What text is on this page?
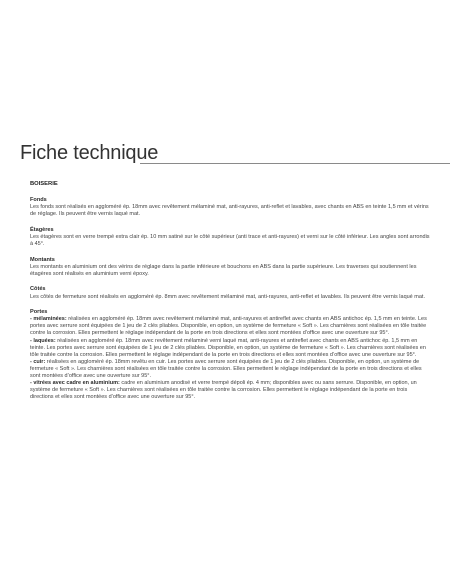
Fiche technique

BOISERIE

Fonds

Les fonds sont réalisés en aggloméré ép. 18mm avec revêtement mélaminé mat, anti-rayures, anti-reflet et lavables, avec chants en ABS en teinte 1,5 mm et vérins de réglage. Ils peuvent être vernis laqué mat.

Étagères

Les étagères sont en verre trempé extra clair ép. 10 mm satiné sur le côté supérieur (anti trace et anti-rayures) et verni sur le côté inférieur. Les angles sont arrondis à 45°.

Montants

Les montants en aluminium ont des vérins de réglage dans la partie inférieure et bouchons en ABS dans la partie supérieure. Les traverses qui soutiennent les étagères sont réalisés en aluminium verni époxy.

Côtés

Les côtés de fermeture sont réalisés en aggloméré ép. 8mm avec revêtement mélaminé mat, anti-rayures, anti-reflet et lavables. Ils peuvent être vernis laqué mat.

Portes

- mélaminées: réalisées en aggloméré ép. 18mm avec revêtement mélaminé mat, anti-rayures et antireflet avec chants en ABS antichoc ép. 1,5 mm en teinte. Les portes avec serrure sont équipées de 1 jeu de 2 clés pliables. Disponible, en option, un système de fermeture « Soft ». Les charnières sont réalisées en tôle traitée contre la corrosion. Elles permettent le réglage indépendant de la porte en trois directions et elles sont montées d’office avec une ouverture sur 95°.

- laquées: réalisées en aggloméré ép. 18mm avec revêtement mélaminé verni laqué mat, anti-rayures et antireflet avec chants en ABS antichoc ép. 1,5 mm en teinte. Les portes avec serrure sont équipées de 1 jeu de 2 clés pliables. Disponible, en option, un système de fermeture « Soft ». Les charnières sont réalisées en tôle traitée contre la corrosion. Elles permettent le réglage indépendant de la porte en trois directions et elles sont montées d’office avec une ouverture sur 95°.

- cuir: réalisées en aggloméré ép. 18mm revêtu en cuir. Les portes avec serrure sont équipées de 1 jeu de 2 clés pliables. Disponible, en option, un système de fermeture « Soft ». Les charnières sont réalisées en tôle traitée contre la corrosion. Elles permettent le réglage indépendant de la porte en trois directions et elles sont montées d’office avec une ouverture sur 95°.

- vitrées avec cadre en aluminium: cadre en aluminium anodisé et verre trempé dépoli ép. 4 mm; disponibles avec ou sans serrure. Disponible, en option, un système de fermeture « Soft ». Les charnières sont réalisées en tôle traitée contre la corrosion. Elles permettent le réglage indépendant de la porte en trois directions et elles sont montées d’office avec une ouverture sur 95°.
